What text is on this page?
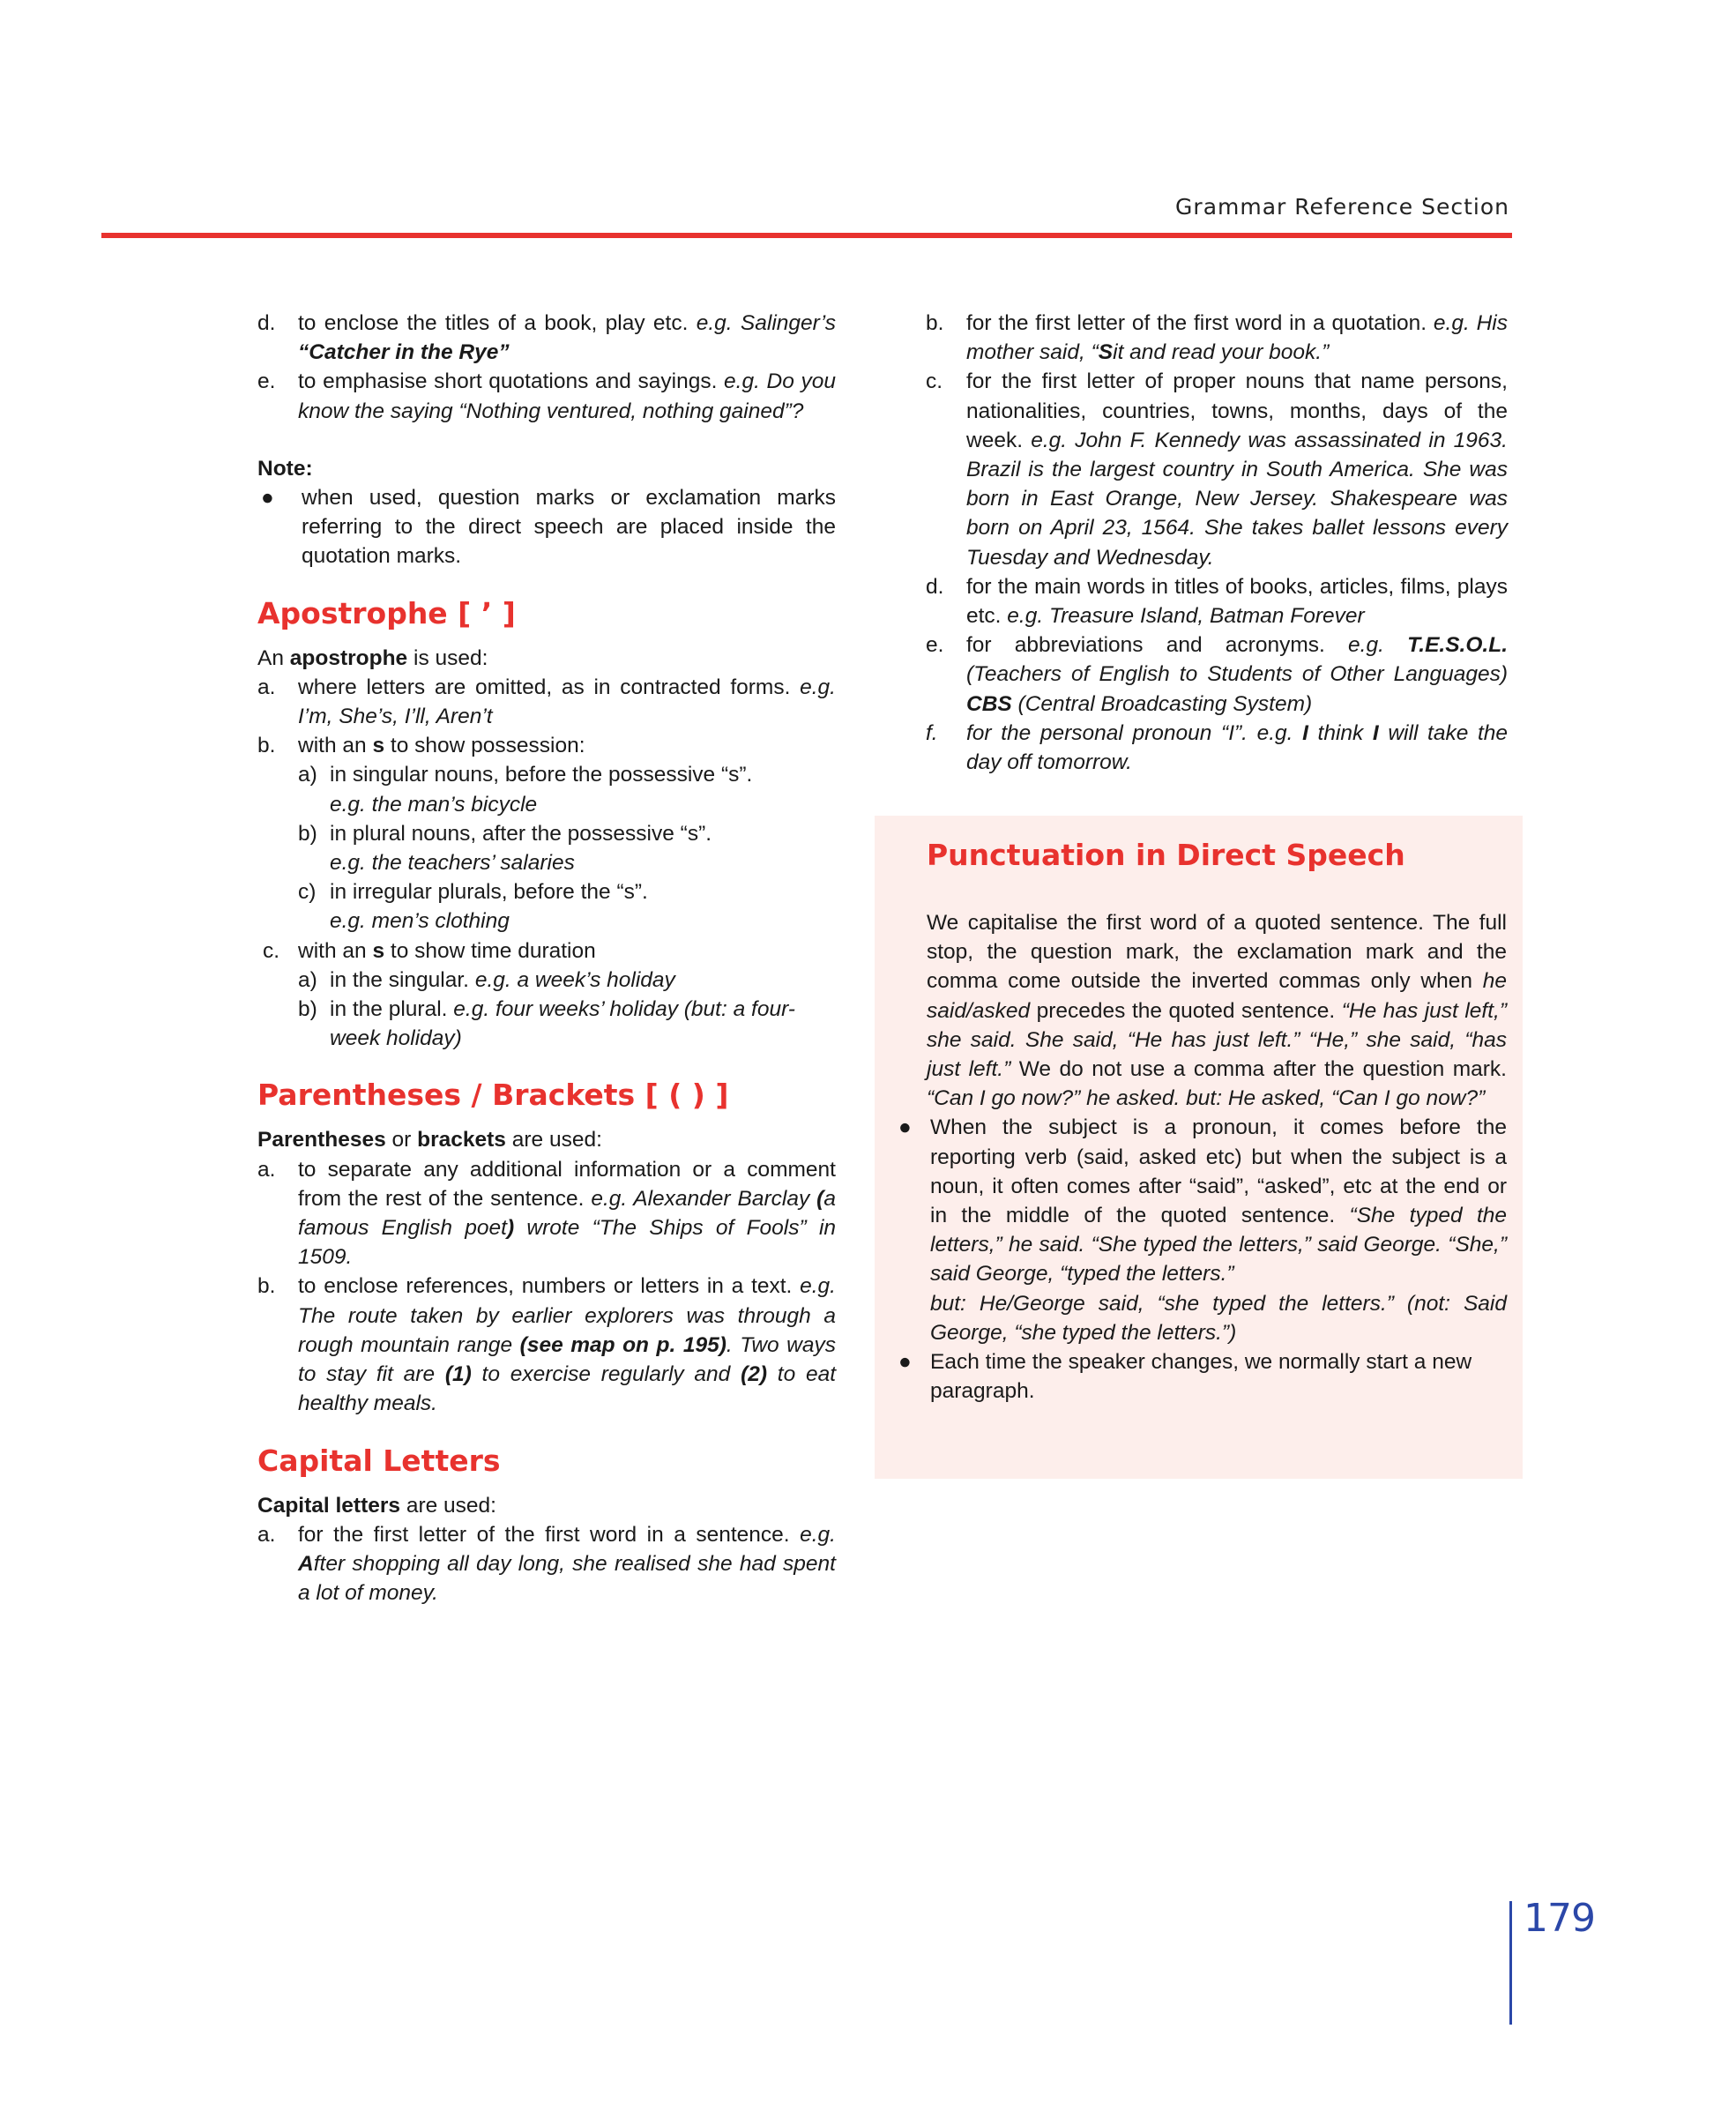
Grammar Reference Section
d.	to enclose the titles of a book, play etc. e.g. Salinger’s “Catcher in the Rye”
e.	to emphasise short quotations and sayings. e.g. Do you know the saying “Nothing ventured, nothing gained”?
Note:
●	when used, question marks or exclamation marks referring to the direct speech are placed inside the quotation marks.
Apostrophe [ ’ ]
An apostrophe is used:
a.	where letters are omitted, as in contracted forms. e.g. I’m, She’s, I’ll, Aren’t
b.	with an s to show possession:
a) in singular nouns, before the possessive “s”.
e.g. the man’s bicycle
b) in plural nouns, after the possessive “s”.
e.g. the teachers’ salaries
c) in irregular plurals, before the “s”.
e.g. men’s clothing
c. with an s to show time duration
a) in the singular. e.g. a week’s holiday
b) in the plural. e.g. four weeks’ holiday (but: a four-week holiday)
Parentheses / Brackets [ ( ) ]
Parentheses or brackets are used:
a.	to separate any additional information or a comment from the rest of the sentence. e.g. Alexander Barclay (a famous English poet) wrote “The Ships of Fools” in 1509.
b.	to enclose references, numbers or letters in a text. e.g. The route taken by earlier explorers was through a rough mountain range (see map on p. 195). Two ways to stay fit are (1) to exercise regularly and (2) to eat healthy meals.
Capital Letters
Capital letters are used:
a.	for the first letter of the first word in a sentence. e.g. After shopping all day long, she realised she had spent a lot of money.
b.	for the first letter of the first word in a quotation. e.g. His mother said, “Sit and read your book.”
c.	for the first letter of proper nouns that name persons, nationalities, countries, towns, months, days of the week. e.g. John F. Kennedy was assassinated in 1963. Brazil is the largest country in South America. She was born in East Orange, New Jersey. Shakespeare was born on April 23, 1564. She takes ballet lessons every Tuesday and Wednesday.
d.	for the main words in titles of books, articles, films, plays etc. e.g. Treasure Island, Batman Forever
e.	for abbreviations and acronyms. e.g. T.E.S.O.L. (Teachers of English to Students of Other Languages) CBS (Central Broadcasting System)
f.	for the personal pronoun “I”. e.g. I think I will take the day off tomorrow.
Punctuation in Direct Speech
We capitalise the first word of a quoted sentence. The full stop, the question mark, the exclamation mark and the comma come outside the inverted commas only when he said/asked precedes the quoted sentence. “He has just left,” she said. She said, “He has just left.” “He,” she said, “has just left.” We do not use a comma after the question mark. “Can I go now?” he asked. but: He asked, “Can I go now?”
● When the subject is a pronoun, it comes before the reporting verb (said, asked etc) but when the subject is a noun, it often comes after “said”, “asked”, etc at the end or in the middle of the quoted sentence. “She typed the letters,” he said. “She typed the letters,” said George. “She,” said George, “typed the letters.”
but: He/George said, “she typed the letters.” (not: Said George, “she typed the letters.”)
● Each time the speaker changes, we normally start a new paragraph.
179
